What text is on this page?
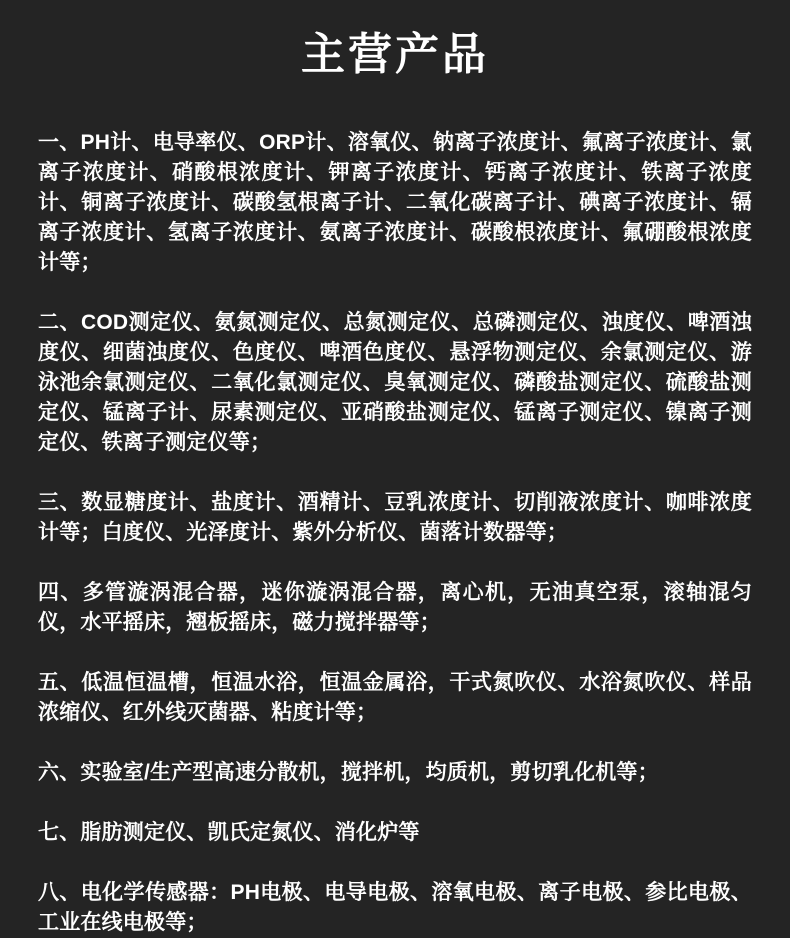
主营产品

一、PH计、电导率仪、ORP计、溶氧仪、钠离子浓度计、氟离子浓度计、氯离子浓度计、硝酸根浓度计、钾离子浓度计、钙离子浓度计、铁离子浓度计、铜离子浓度计、碳酸氢根离子计、二氧化碳离子计、碘离子浓度计、镉离子浓度计、氢离子浓度计、氨离子浓度计、碳酸根浓度计、氟硼酸根浓度计等；

二、COD测定仪、氨氮测定仪、总氮测定仪、总磷测定仪、浊度仪、啤酒浊度仪、细菌浊度仪、色度仪、啤酒色度仪、悬浮物测定仪、余氯测定仪、游泳池余氯测定仪、二氧化氯测定仪、臭氧测定仪、磷酸盐测定仪、硫酸盐测定仪、锰离子计、尿素测定仪、亚硝酸盐测定仪、锰离子测定仪、镍离子测定仪、铁离子测定仪等；

三、数显糖度计、盐度计、酒精计、豆乳浓度计、切削液浓度计、咖啡浓度计等；白度仪、光泽度计、紫外分析仪、菌落计数器等；

四、多管漩涡混合器，迷你漩涡混合器，离心机，无油真空泵，滚轴混匀仪，水平摇床，翘板摇床，磁力搅拌器等；

五、低温恒温槽，恒温水浴，恒温金属浴，干式氮吹仪、水浴氮吹仪、样品浓缩仪、红外线灭菌器、粘度计等；

六、实验室/生产型高速分散机，搅拌机，均质机，剪切乳化机等；

七、脂肪测定仪、凯氏定氮仪、消化炉等

八、电化学传感器：PH电极、电导电极、溶氧电极、离子电极、参比电极、工业在线电极等；
